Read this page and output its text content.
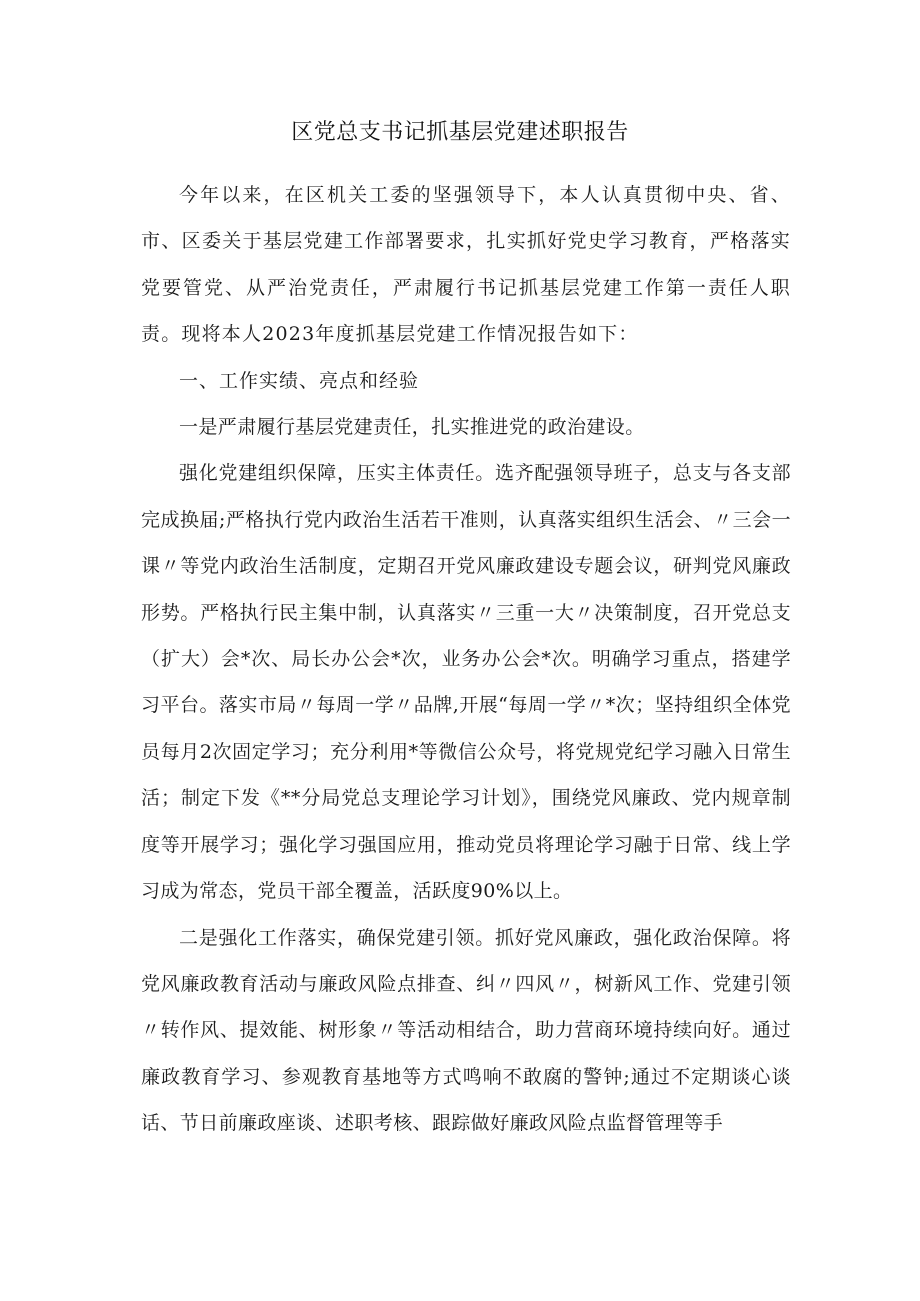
区党总支书记抓基层党建述职报告

今年以来，在区机关工委的坚强领导下，本人认真贯彻中央、省、市、区委关于基层党建工作部署要求，扎实抓好党史学习教育，严格落实党要管党、从严治党责任，严肃履行书记抓基层党建工作第一责任人职责。现将本人2023年度抓基层党建工作情况报告如下：

一、工作实绩、亮点和经验

一是严肃履行基层党建责任，扎实推进党的政治建设。

强化党建组织保障，压实主体责任。选齐配强领导班子，总支与各支部完成换届;严格执行党内政治生活若干准则，认真落实组织生活会、〃三会一课〃等党内政治生活制度，定期召开党风廉政建设专题会议，研判党风廉政形势。严格执行民主集中制，认真落实〃三重一大〃决策制度，召开党总支（扩大）会*次、局长办公会*次，业务办公会*次。明确学习重点，搭建学习平台。落实市局〃每周一学〃品牌,开展“每周一学〃*次；坚持组织全体党员每月2次固定学习；充分利用*等微信公众号，将党规党纪学习融入日常生活；制定下发《**分局党总支理论学习计划》，围绕党风廉政、党内规章制度等开展学习；强化学习强国应用，推动党员将理论学习融于日常、线上学习成为常态，党员干部全覆盖，活跃度90%以上。

二是强化工作落实，确保党建引领。抓好党风廉政，强化政治保障。将党风廉政教育活动与廉政风险点排查、纠〃四风〃，树新风工作、党建引领〃转作风、提效能、树形象〃等活动相结合，助力营商环境持续向好。通过廉政教育学习、参观教育基地等方式鸣响不敢腐的警钟;通过不定期谈心谈话、节日前廉政座谈、述职考核、跟踪做好廉政风险点监督管理等手
